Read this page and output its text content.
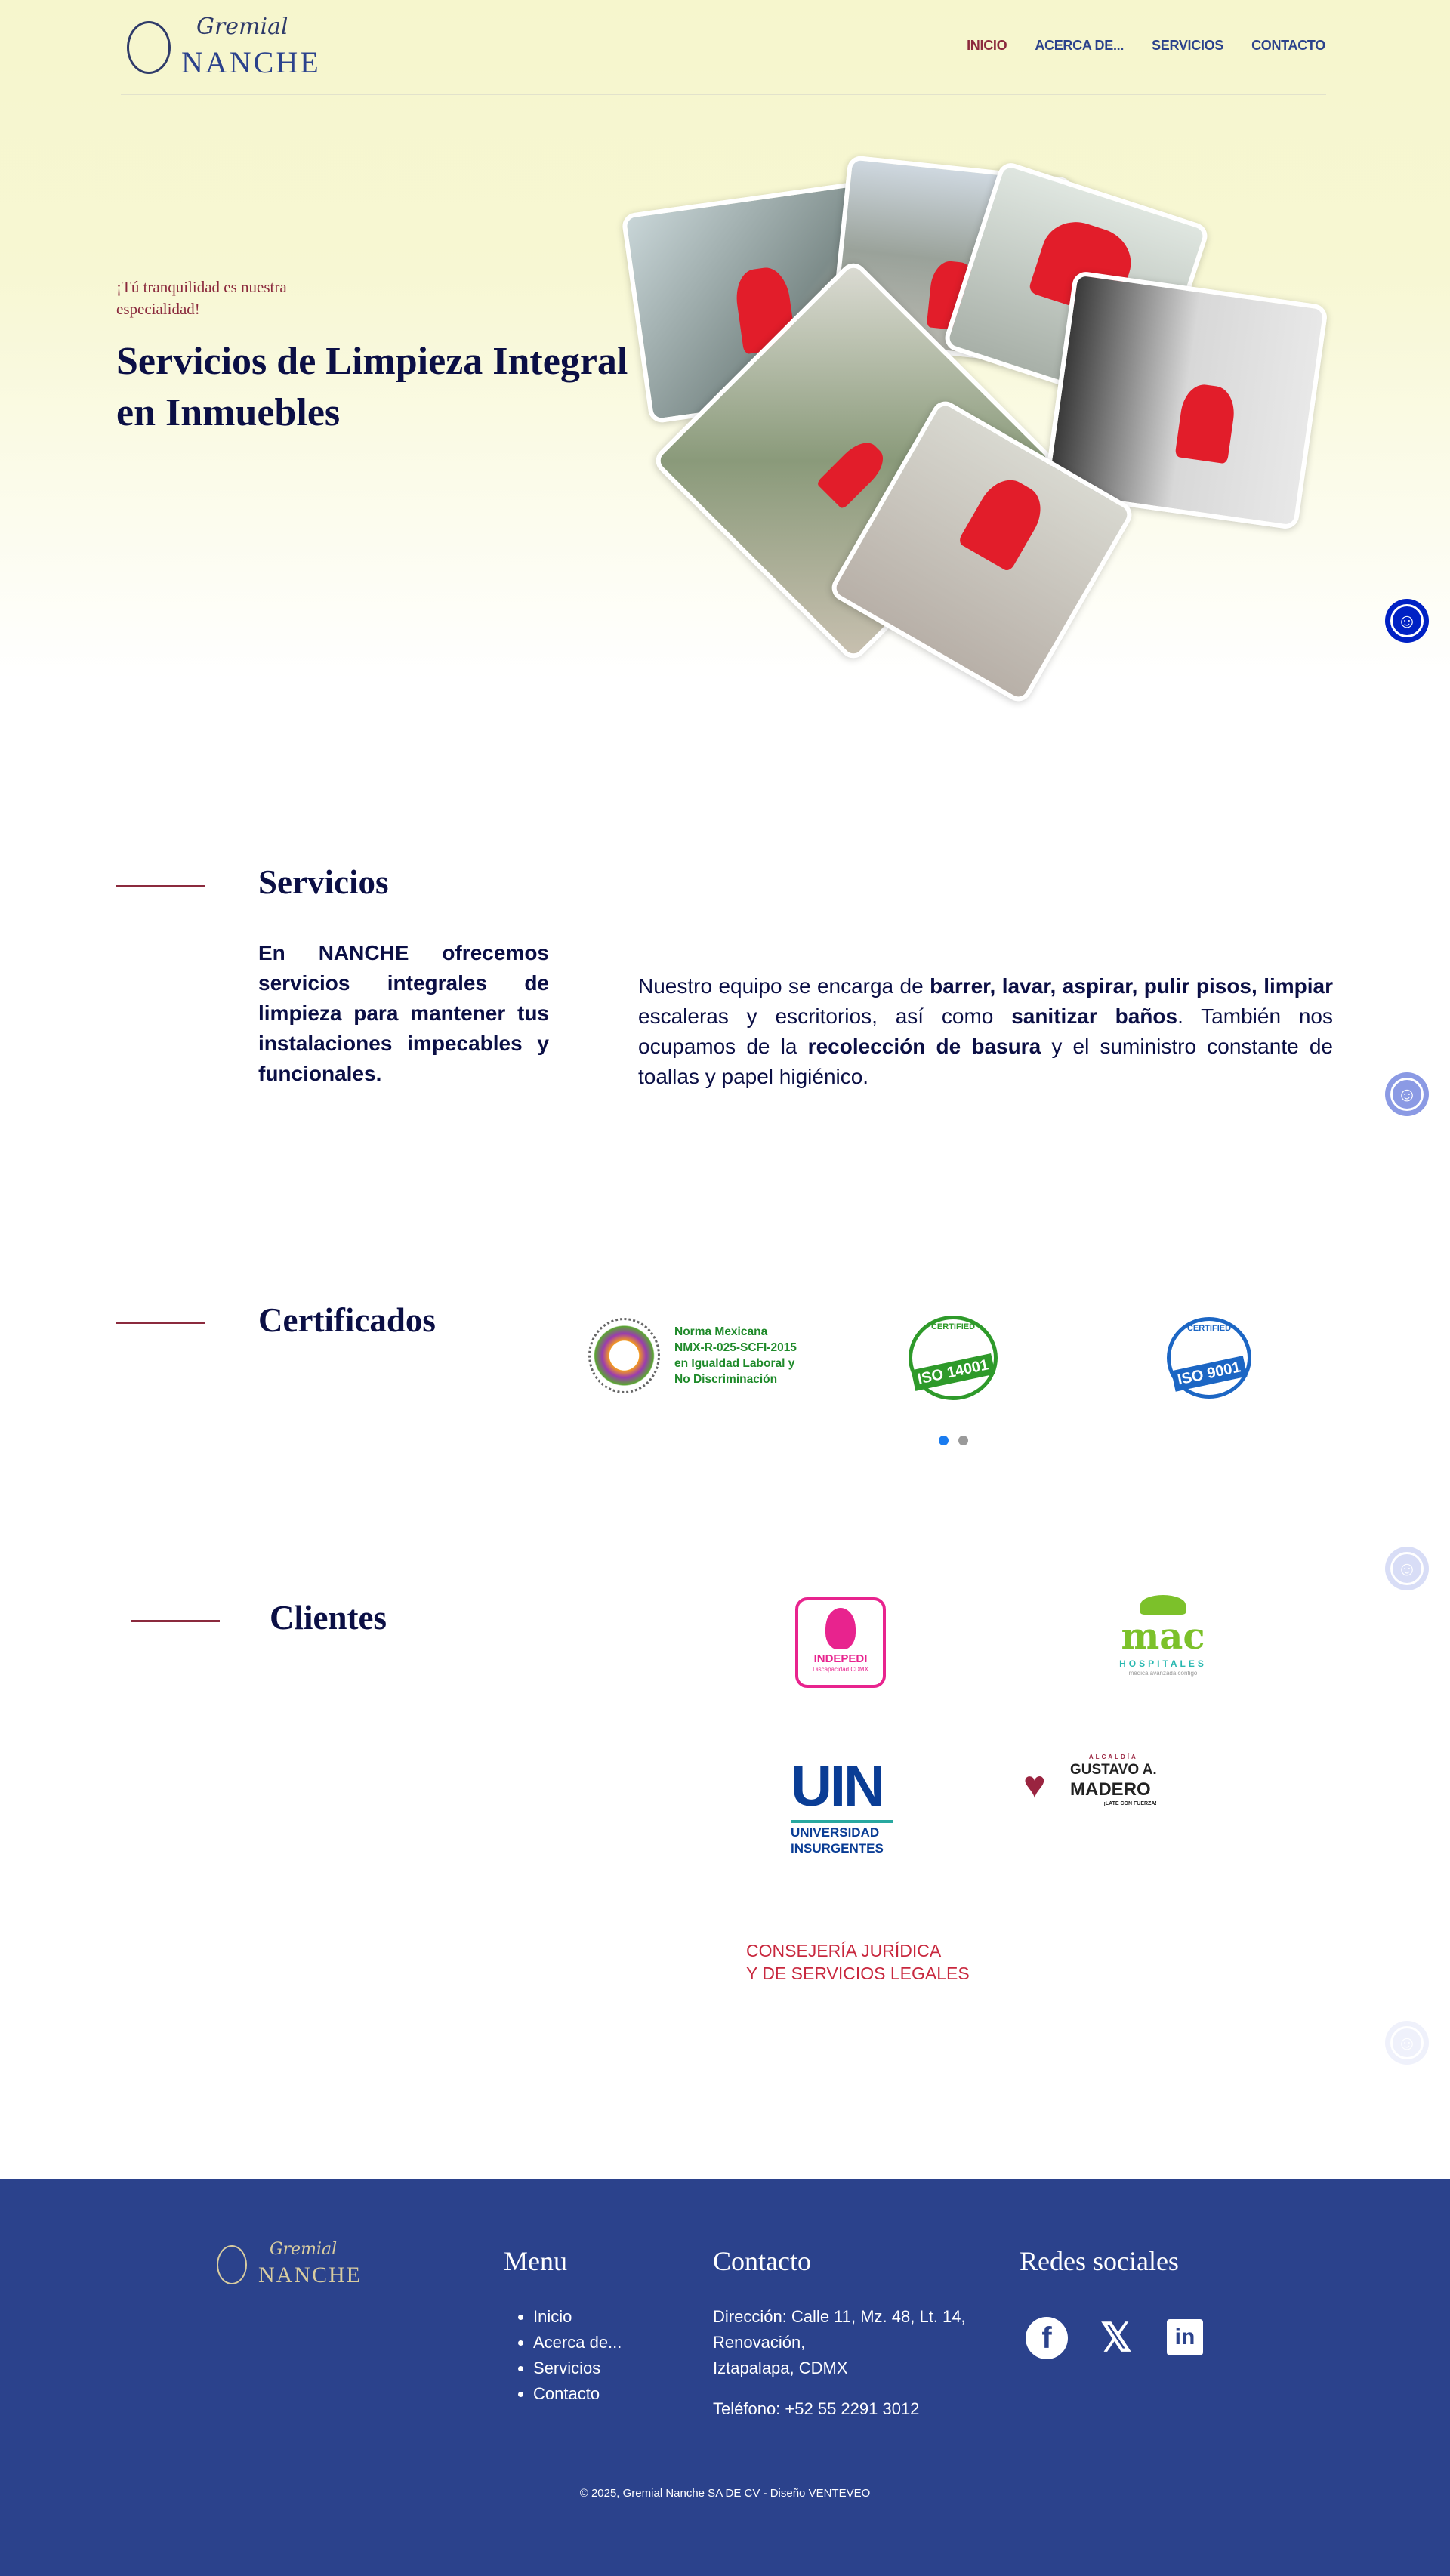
Gremial
NANCHE	INICIO ACERCA DE... SERVICIOS CONTACTO
¡Tú tranquilidad es nuestra especialidad!
Servicios de Limpieza Integral en Inmuebles
☺
☺
☺
☺
Servicios

En NANCHE ofrecemos servicios integrales de limpieza para mantener tus instalaciones impecables y funcionales.

Nuestro equipo se encarga de barrer, lavar, aspirar, pulir pisos, limpiar escaleras y escritorios, así como sanitizar baños. También nos ocupamos de la recolección de basura y el suministro constante de toallas y papel higiénico.

Certificados	Norma Mexicana
NMX-R-025-SCFI-2015
en Igualdad Laboral y
No Discriminación
CERTIFIED
ISO 14001
CERTIFIED
ISO 9001
Clientes
INDEPEDI
Discapacidad CDMX
mac
HOSPITALES
médica avanzada contigo
UIN
UNIVERSIDAD
INSURGENTES
♥
ALCALDÍA
GUSTAVO A.
MADERO
¡LATE CON FUERZA!
CONSEJERÍA JURÍDICA
Y DE SERVICIOS LEGALES
Gremial
NANCHE	Menu
• Inicio
• Acerca de...
• Servicios
• Contacto
Contacto
Dirección: Calle 11, Mz. 48, Lt. 14,
Renovación,
Iztapalapa, CDMX
Teléfono: +52 55 2291 3012
Redes sociales
f	𝕏	in
© 2025, Gremial Nanche SA DE CV - Diseño VENTEVEO
